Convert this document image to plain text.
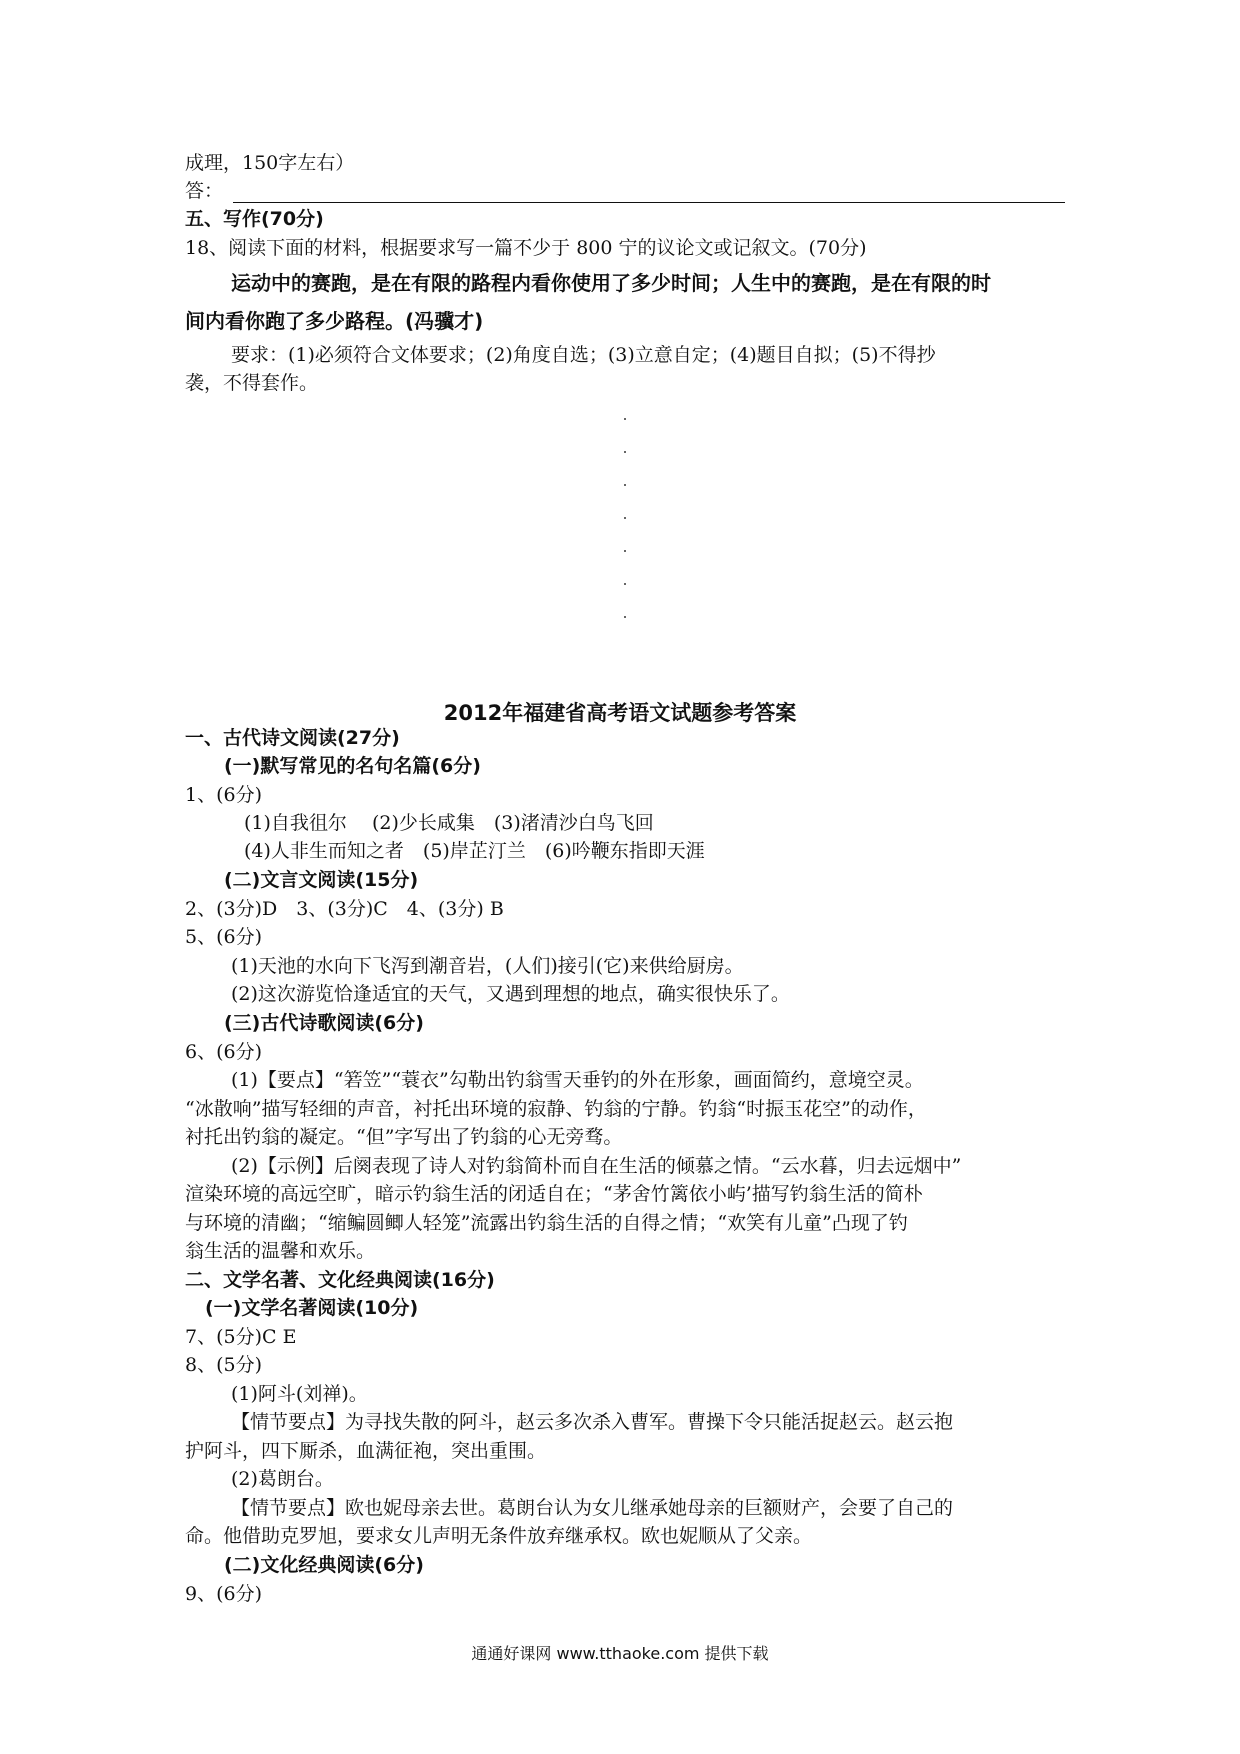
成理，150字左右）
答：
五、写作(70分)
18、阅读下面的材料，根据要求写一篇不少于 800 宁的议论文或记叙文。(70分)
运动中的赛跑，是在有限的路程内看你使用了多少时间；人生中的赛跑，是在有限的时
间内看你跑了多少路程。(冯骥才)
要求：(1)必须符合文体要求；(2)角度自选；(3)立意自定；(4)题目自拟；(5)不得抄
袭，不得套作。
2012年福建省高考语文试题参考答案
一、古代诗文阅读(27分)
(一)默写常见的名句名篇(6分)
1、(6分)
(1)自我徂尔　 (2)少长咸集　(3)渚清沙白鸟飞回
(4)人非生而知之者　(5)岸芷汀兰　(6)吟鞭东指即天涯
(二)文言文阅读(15分)
2、(3分)D　3、(3分)C　4、(3分) B
5、(6分)
(1)天池的水向下飞泻到潮音岩，(人们)接引(它)来供给厨房。
(2)这次游览恰逢适宜的天气，又遇到理想的地点，确实很快乐了。
(三)古代诗歌阅读(6分)
6、(6分)
(1)【要点】“箬笠”“蓑衣”勾勒出钓翁雪天垂钓的外在形象，画面简约，意境空灵。
“冰散响”描写轻细的声音，衬托出环境的寂静、钓翁的宁静。钓翁“时振玉花空”的动作，
衬托出钓翁的凝定。“但”字写出了钓翁的心无旁骛。
(2)【示例】后阕表现了诗人对钓翁简朴而自在生活的倾慕之情。“云水暮，归去远烟中”
渲染环境的高远空旷，暗示钓翁生活的闭适自在；“茅舍竹篱依小屿’描写钓翁生活的简朴
与环境的清幽；“缩鳊圆鲫人轻笼”流露出钓翁生活的自得之情；“欢笑有儿童”凸现了钓
翁生活的温馨和欢乐。
二、文学名著、文化经典阅读(16分)
(一)文学名著阅读(10分)
7、(5分)C E
8、(5分)
(1)阿斗(刘禅)。
【情节要点】为寻找失散的阿斗，赵云多次杀入曹军。曹操下令只能活捉赵云。赵云抱
护阿斗，四下厮杀，血满征袍，突出重围。
(2)葛朗台。
【情节要点】欧也妮母亲去世。葛朗台认为女儿继承她母亲的巨额财产，会要了自己的
命。他借助克罗旭，要求女儿声明无条件放弃继承权。欧也妮顺从了父亲。
(二)文化经典阅读(6分)
9、(6分)
通通好课网 www.tthaoke.com 提供下载
